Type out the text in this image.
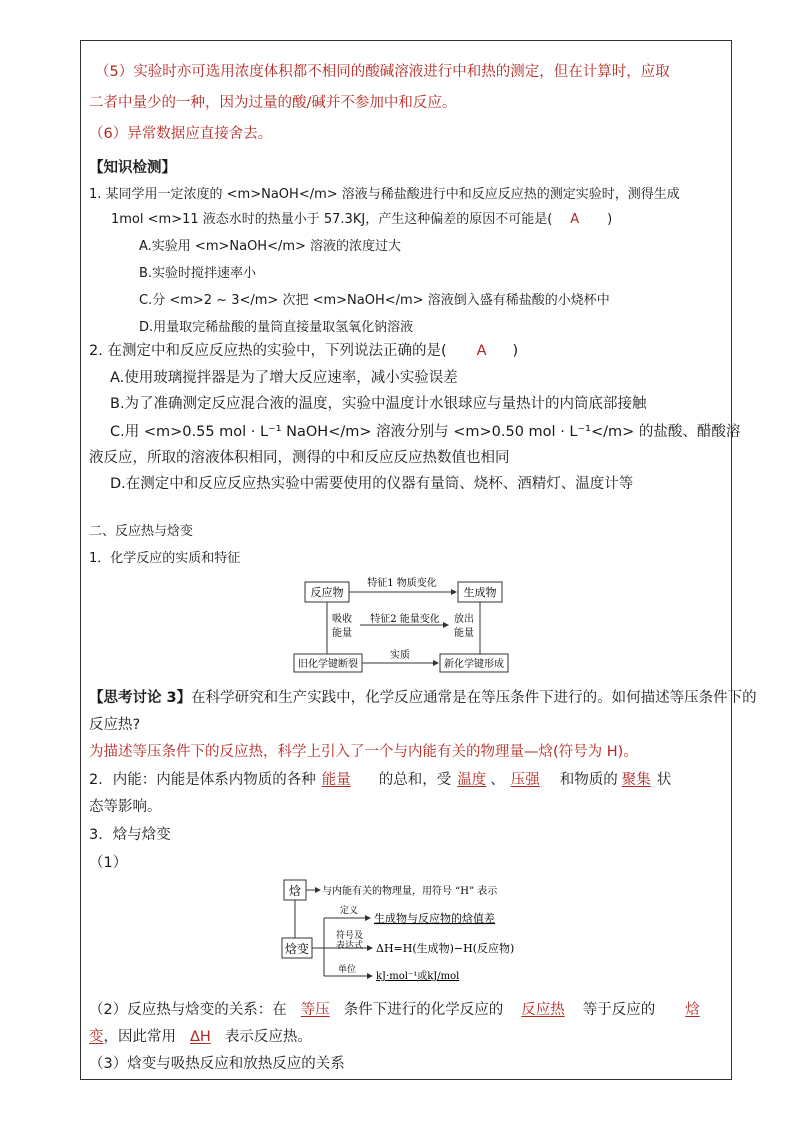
（5）实验时亦可选用浓度体积都不相同的酸碱溶液进行中和热的测定，但在计算时，应取
二者中量少的一种，因为过量的酸/碱并不参加中和反应。
（6）异常数据应直接舍去。
【知识检测】
1. 某同学用一定浓度的 <m>NaOH</m> 溶液与稀盐酸进行中和反应反应热的测定实验时，测得生成
1mol <m>11 液态水时的热量小于 57.3KJ，产生这种偏差的原因不可能是( A )
A.实验用 <m>NaOH</m> 溶液的浓度过大
B.实验时搅拌速率小
C.分 <m>2 ~ 3</m> 次把 <m>NaOH</m> 溶液倒入盛有稀盐酸的小烧杯中
D.用量取完稀盐酸的量筒直接量取氢氧化钠溶液
2. 在测定中和反应反应热的实验中，下列说法正确的是( A )
A.使用玻璃搅拌器是为了增大反应速率，减小实验误差
B.为了准确测定反应混合液的温度，实验中温度计水银球应与量热计的内筒底部接触
C.用 <m>0.55 mol · L⁻¹ NaOH</m> 溶液分别与 <m>0.50 mol · L⁻¹</m> 的盐酸、醋酸溶
液反应，所取的溶液体积相同，测得的中和反应反应热数值也相同
D.在测定中和反应反应热实验中需要使用的仪器有量筒、烧杯、酒精灯、温度计等
二、反应热与焓变
1．化学反应的实质和特征
反应物	生成物
特征1 物质变化
吸收
能量
放出
能量
特征2 能量变化
旧化学键断裂	新化学键形成
实质
【思考讨论 3】在科学研究和生产实践中，化学反应通常是在等压条件下进行的。如何描述等压条件下的
反应热?
为描述等压条件下的反应热，科学上引入了一个与内能有关的物理量—焓(符号为 H)。
2．内能：内能是体系内物质的各种 能量 的总和，受 温度 、 压强 和物质的 聚集 状
态等影响。
3．焓与焓变
（1）
焓 与内能有关的物理量，用符号 “H” 表示
焓变
定义
生成物与反应物的焓值差
符号及
表达式 ΔH=H(生成物)−H(反应物)
单位
kJ·mol⁻¹或kJ/mol
（2）反应热与焓变的关系：在 等压 条件下进行的化学反应的 反应热 等于反应的 焓
变，因此常用 ΔH 表示反应热。
（3）焓变与吸热反应和放热反应的关系
